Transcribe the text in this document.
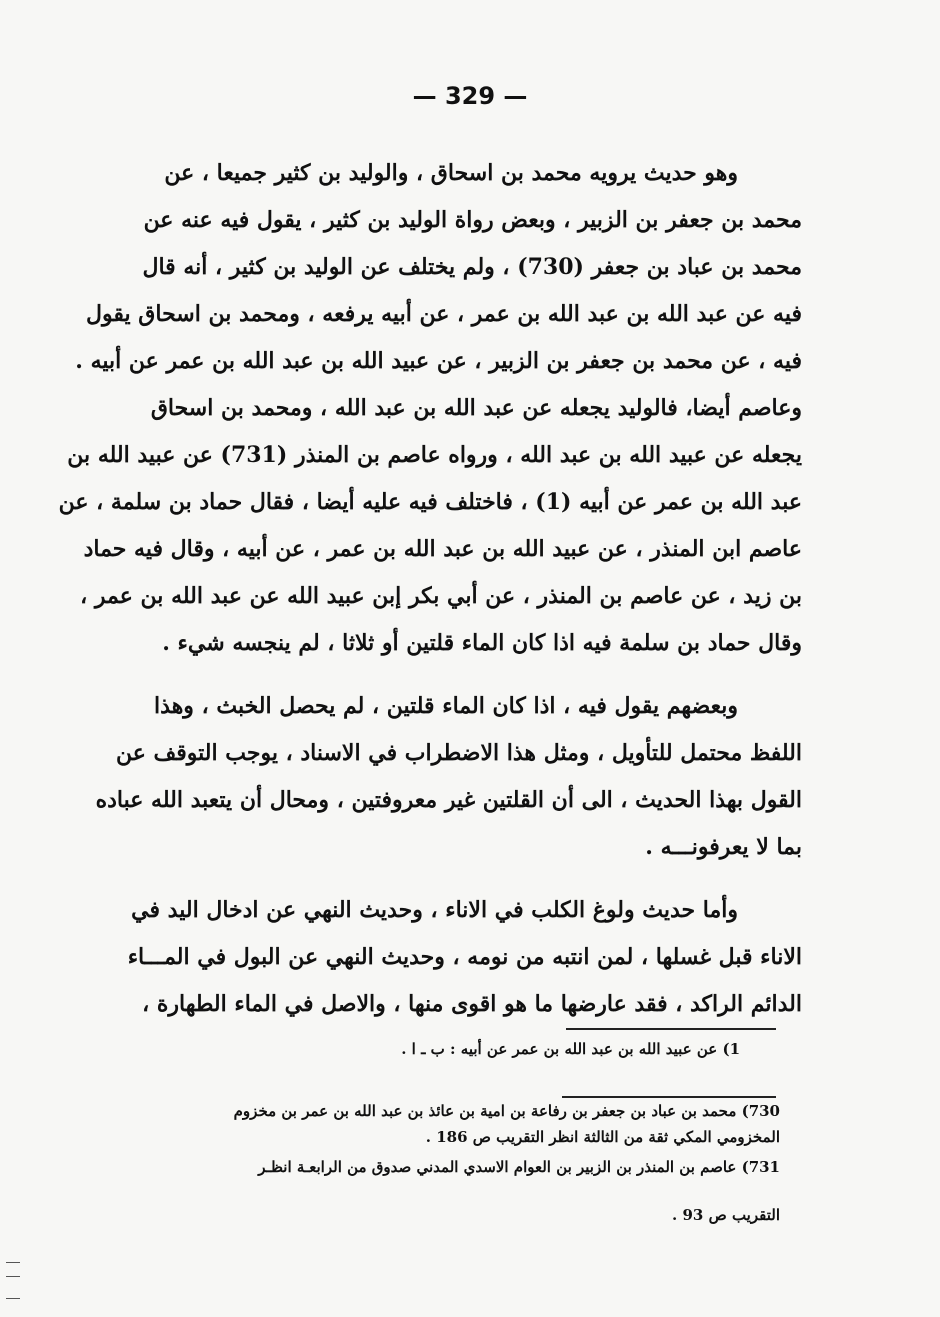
— 329 —
وهو حديث يرويه محمد بن اسحاق ، والوليد بن كثير جميعا ، عن
محمد بن جعفر بن الزبير ، وبعض رواة الوليد بن كثير ، يقول فيه عنه عن
محمد بن عباد بن جعفر (730) ، ولم يختلف عن الوليد بن كثير ، أنه قال
فيه عن عبد الله بن عبد الله بن عمر ، عن أبيه يرفعه ، ومحمد بن اسحاق يقول
فيه ، عن محمد بن جعفر بن الزبير ، عن عبيد الله بن عبد الله بن عمر عن أبيه .
وعاصم أيضا، فالوليد يجعله عن عبد الله بن عبد الله ، ومحمد بن اسحاق
يجعله عن عبيد الله بن عبد الله ، ورواه عاصم بن المنذر (731) عن عبيد الله بن
عبد الله بن عمر عن أبيه (1) ، فاختلف فيه عليه أيضا ، فقال حماد بن سلمة ، عن
عاصم ابن المنذر ، عن عبيد الله بن عبد الله بن عمر ، عن أبيه ، وقال فيه حماد
بن زيد ، عن عاصم بن المنذر ، عن أبي بكر إبن عبيد الله عن عبد الله بن عمر ،
وقال حماد بن سلمة فيه اذا كان الماء قلتين أو ثلاثا ، لم ينجسه شيء .
وبعضهم يقول فيه ، اذا كان الماء قلتين ، لم يحصل الخبث ، وهذا
اللفظ محتمل للتأويل ، ومثل هذا الاضطراب في الاسناد ، يوجب التوقف عن
القول بهذا الحديث ، الى أن القلتين غير معروفتين ، ومحال أن يتعبد الله عباده
بما لا يعرفونـــه .
وأما حديث ولوغ الكلب في الاناء ، وحديث النهي عن ادخال اليد في
الاناء قبل غسلها ، لمن انتبه من نومه ، وحديث النهي عن البول في المـــاء
الدائم الراكد ، فقد عارضها ما هو اقوى منها ، والاصل في الماء الطهارة ،
1) عن عبيد الله بن عبد الله بن عمر عن أبيه : ب ـ ا .
730) محمد بن عباد بن جعفر بن رفاعة بن امية بن عائذ بن عبد الله بن عمر بن مخزوم
المخزومي المكي ثقة من الثالثة انظر التقريب ص 186 .
731) عاصم بن المنذر بن الزبير بن العوام الاسدي المدني صدوق من الرابعـة انظـر
التقريب ص 93 .
